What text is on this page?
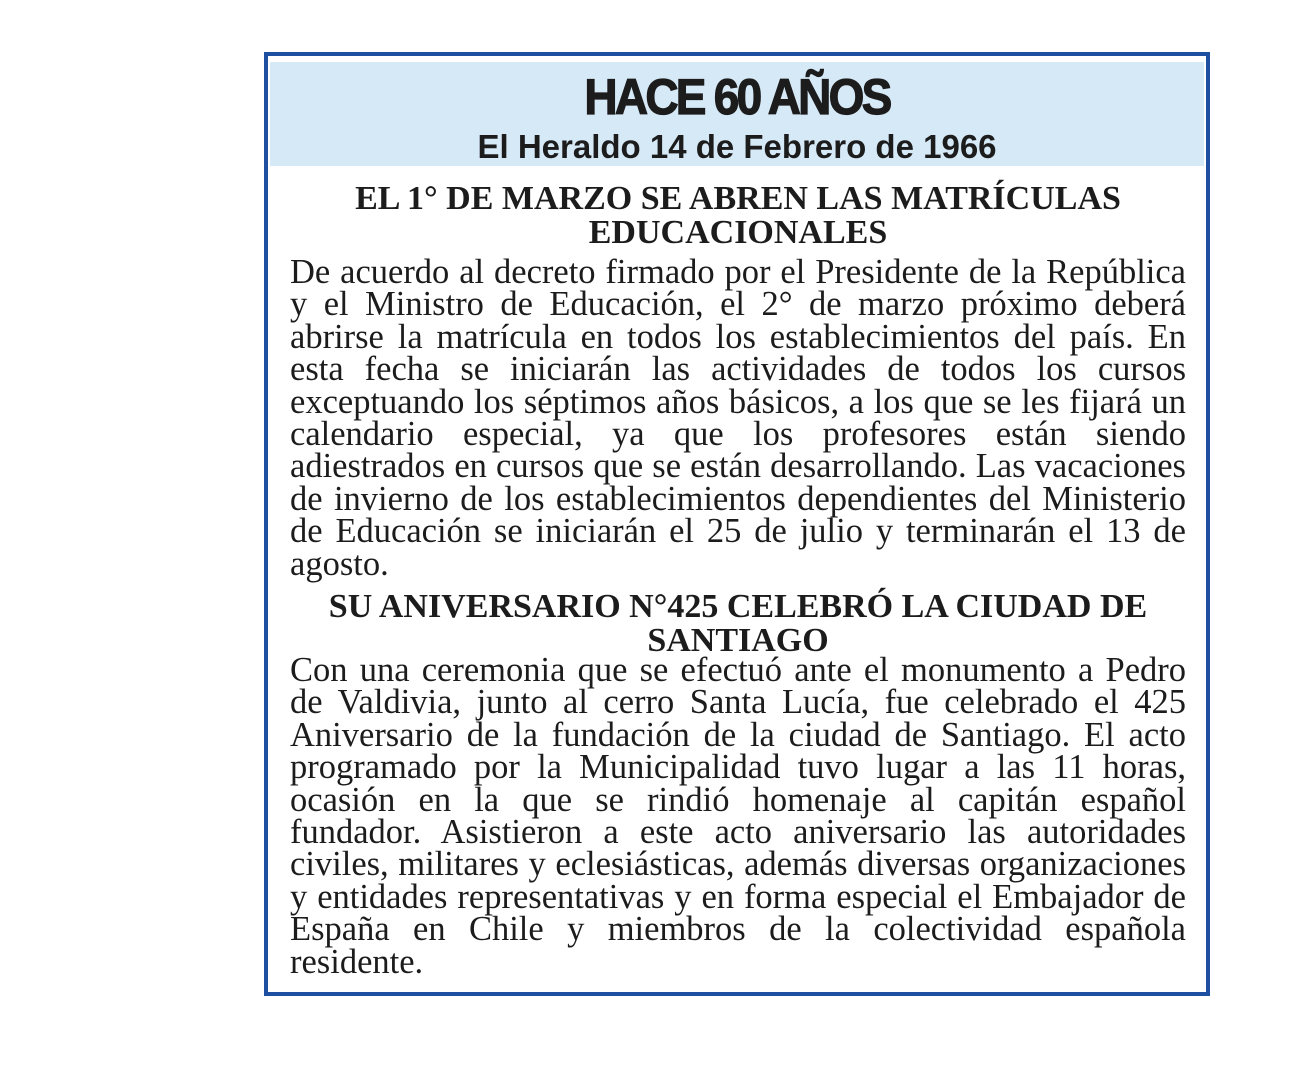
HACE 60 AÑOS
El Heraldo 14 de Febrero de 1966
EL 1° DE MARZO SE ABREN LAS MATRÍCULAS EDUCACIONALES

De acuerdo al decreto firmado por el Presidente de la República y el Ministro de Educación, el 2° de marzo próximo deberá abrirse la matrícula en todos los establecimientos del país. En esta fecha se iniciarán las actividades de todos los cursos exceptuando los séptimos años básicos, a los que se les fijará un calendario especial, ya que los profesores están siendo adiestrados en cursos que se están desarrollando. Las vacaciones de invierno de los establecimientos dependientes del Ministerio de Educación se iniciarán el 25 de julio y terminarán el 13 de agosto.

SU ANIVERSARIO N°425 CELEBRÓ LA CIUDAD DE SANTIAGO

Con una ceremonia que se efectuó ante el monumento a Pedro de Valdivia, junto al cerro Santa Lucía, fue celebrado el 425 Aniversario de la fundación de la ciudad de Santiago. El acto programado por la Municipalidad tuvo lugar a las 11 horas, ocasión en la que se rindió homenaje al capitán español fundador. Asistieron a este acto aniversario las autoridades civiles, militares y eclesiásticas, además diversas organizaciones y entidades representativas y en forma especial el Embajador de España en Chile y miembros de la colectividad española residente.
